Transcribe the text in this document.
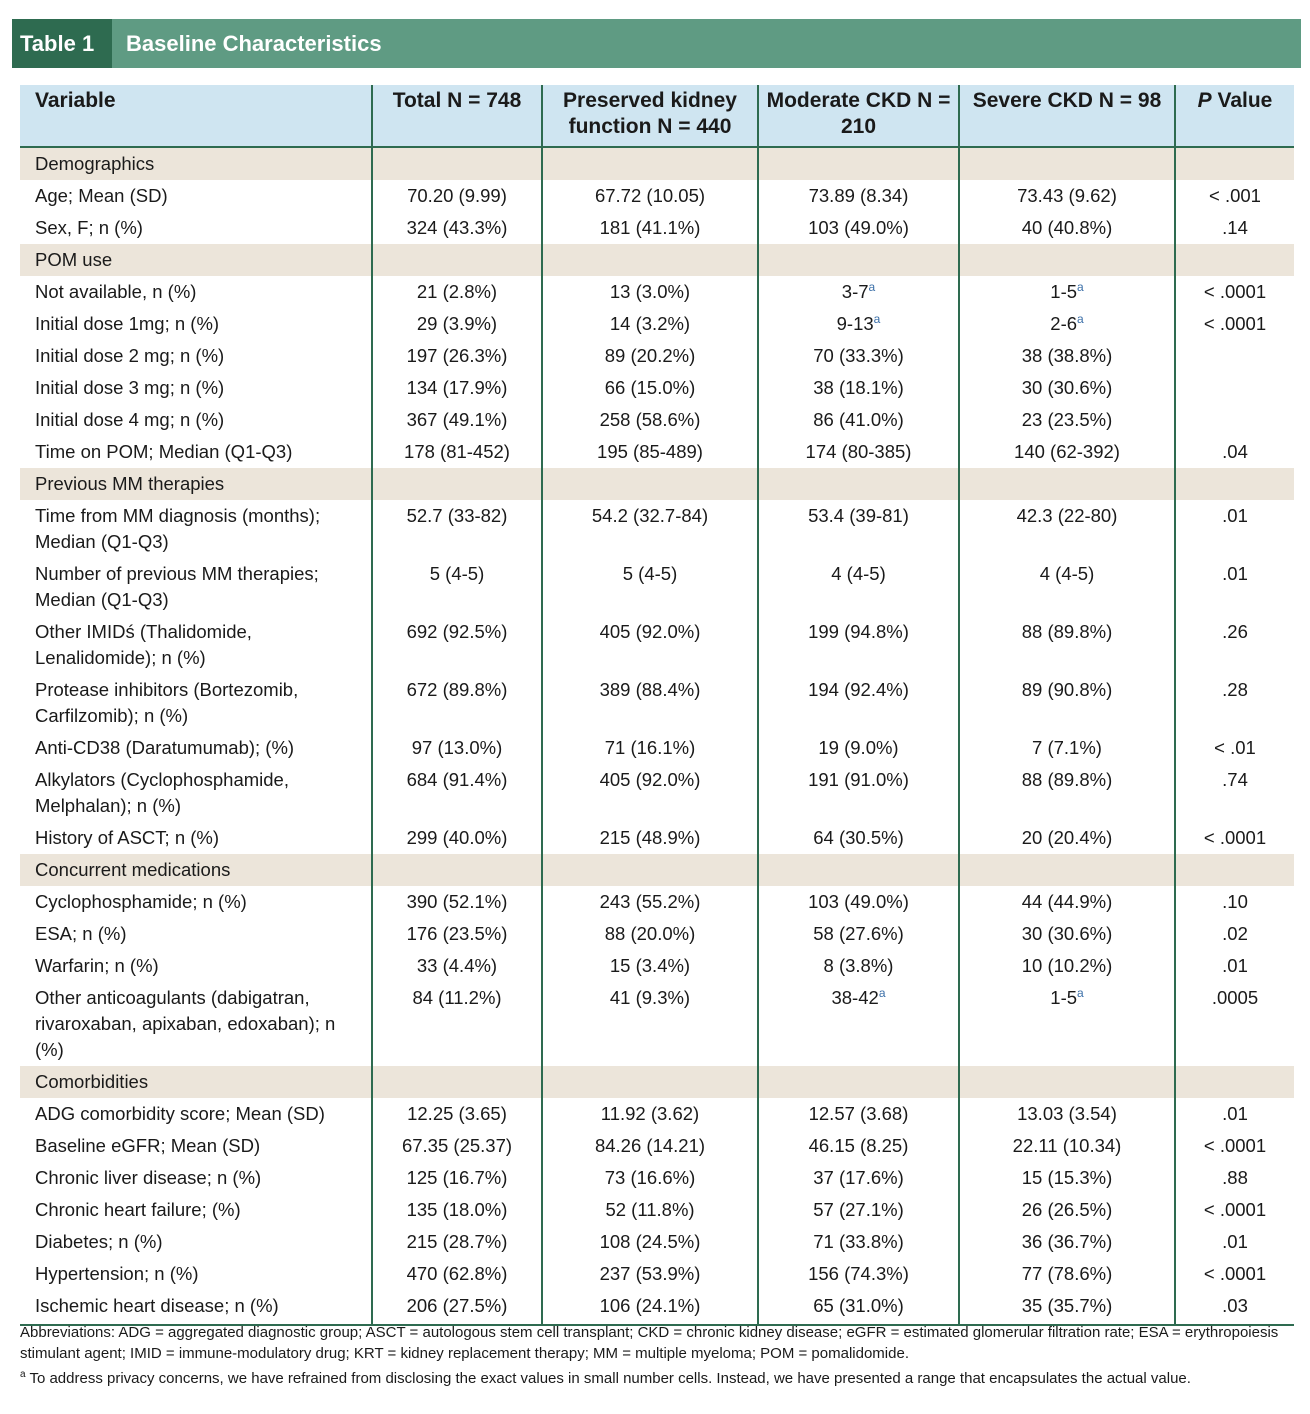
Table 1	Baseline Characteristics
Variable	Total N = 748	Preserved kidney function N = 440	Moderate CKD N = 210	Severe CKD N = 98	P Value
Demographics					
Age; Mean (SD)	70.20 (9.99)	67.72 (10.05)	73.89 (8.34)	73.43 (9.62)	< .001
Sex, F; n (%)	324 (43.3%)	181 (41.1%)	103 (49.0%)	40 (40.8%)	.14
POM use					
Not available, n (%)	21 (2.8%)	13 (3.0%)	3-7$^a$	1-5$^a$	< .0001
Initial dose 1mg; n (%)	29 (3.9%)	14 (3.2%)	9-13$^a$	2-6$^a$	< .0001
Initial dose 2 mg; n (%)	197 (26.3%)	89 (20.2%)	70 (33.3%)	38 (38.8%)	
Initial dose 3 mg; n (%)	134 (17.9%)	66 (15.0%)	38 (18.1%)	30 (30.6%)	
Initial dose 4 mg; n (%)	367 (49.1%)	258 (58.6%)	86 (41.0%)	23 (23.5%)	
Time on POM; Median (Q1-Q3)	178 (81-452)	195 (85-489)	174 (80-385)	140 (62-392)	.04
Previous MM therapies					
Time from MM diagnosis (months); Median (Q1-Q3)	52.7 (33-82)	54.2 (32.7-84)	53.4 (39-81)	42.3 (22-80)	.01
Number of previous MM therapies; Median (Q1-Q3)	5 (4-5)	5 (4-5)	4 (4-5)	4 (4-5)	.01
Other IMIDś (Thalidomide, Lenalidomide); n (%)	692 (92.5%)	405 (92.0%)	199 (94.8%)	88 (89.8%)	.26
Protease inhibitors (Bortezomib, Carfilzomib); n (%)	672 (89.8%)	389 (88.4%)	194 (92.4%)	89 (90.8%)	.28
Anti-CD38 (Daratumumab); (%)	97 (13.0%)	71 (16.1%)	19 (9.0%)	7 (7.1%)	< .01
Alkylators (Cyclophosphamide, Melphalan); n (%)	684 (91.4%)	405 (92.0%)	191 (91.0%)	88 (89.8%)	.74
History of ASCT; n (%)	299 (40.0%)	215 (48.9%)	64 (30.5%)	20 (20.4%)	< .0001
Concurrent medications					
Cyclophosphamide; n (%)	390 (52.1%)	243 (55.2%)	103 (49.0%)	44 (44.9%)	.10
ESA; n (%)	176 (23.5%)	88 (20.0%)	58 (27.6%)	30 (30.6%)	.02
Warfarin; n (%)	33 (4.4%)	15 (3.4%)	8 (3.8%)	10 (10.2%)	.01
Other anticoagulants (dabigatran, rivaroxaban, apixaban, edoxaban); n (%)	84 (11.2%)	41 (9.3%)	38-42$^a$	1-5$^a$	.0005
Comorbidities					
ADG comorbidity score; Mean (SD)	12.25 (3.65)	11.92 (3.62)	12.57 (3.68)	13.03 (3.54)	.01
Baseline eGFR; Mean (SD)	67.35 (25.37)	84.26 (14.21)	46.15 (8.25)	22.11 (10.34)	< .0001
Chronic liver disease; n (%)	125 (16.7%)	73 (16.6%)	37 (17.6%)	15 (15.3%)	.88
Chronic heart failure; (%)	135 (18.0%)	52 (11.8%)	57 (27.1%)	26 (26.5%)	< .0001
Diabetes; n (%)	215 (28.7%)	108 (24.5%)	71 (33.8%)	36 (36.7%)	.01
Hypertension; n (%)	470 (62.8%)	237 (53.9%)	156 (74.3%)	77 (78.6%)	< .0001
Ischemic heart disease; n (%)	206 (27.5%)	106 (24.1%)	65 (31.0%)	35 (35.7%)	.03
Abbreviations: ADG = aggregated diagnostic group; ASCT = autologous stem cell transplant; CKD = chronic kidney disease; eGFR = estimated glomerular filtration rate; ESA = erythropoiesis stimulant agent; IMID = immune-modulatory drug; KRT = kidney replacement therapy; MM = multiple myeloma; POM = pomalidomide.
$^a$ To address privacy concerns, we have refrained from disclosing the exact values in small number cells. Instead, we have presented a range that encapsulates the actual value.
